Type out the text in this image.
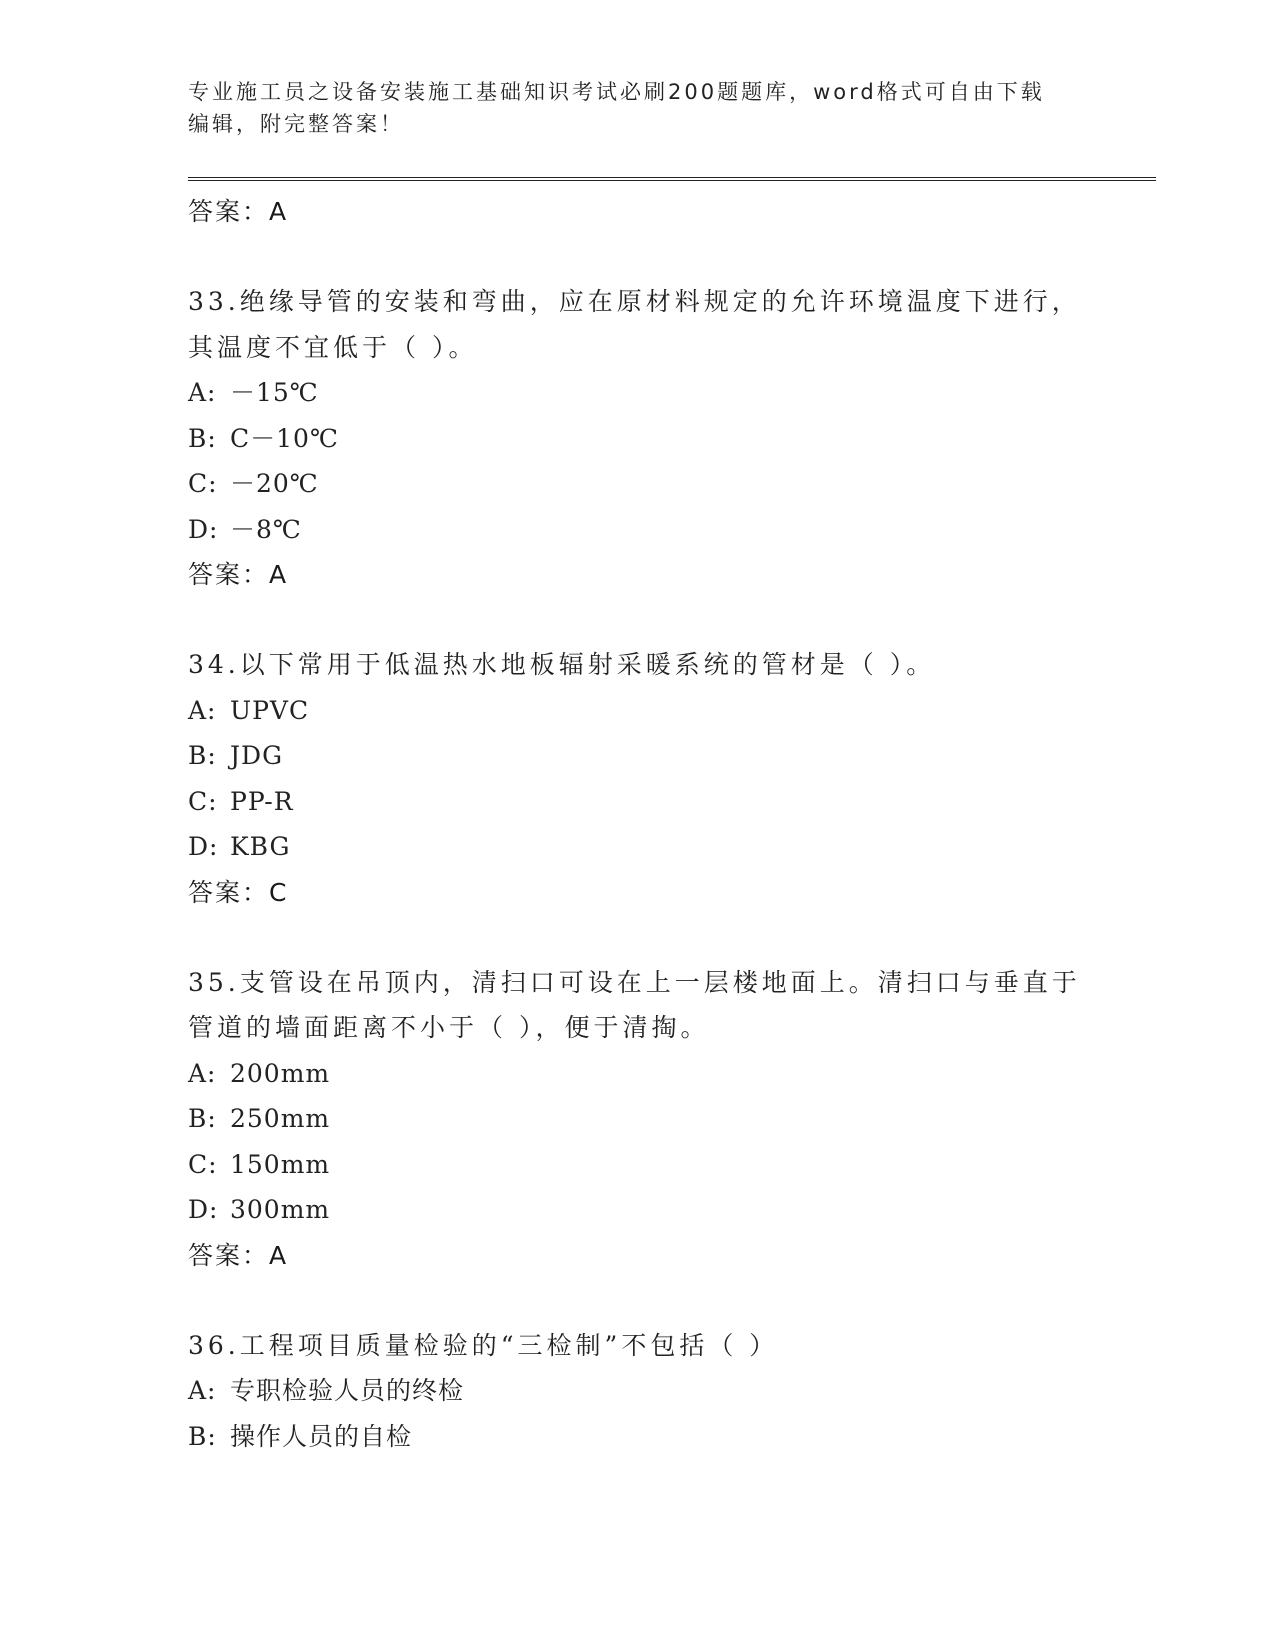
专业施工员之设备安装施工基础知识考试必刷200题题库，word格式可自由下载
编辑，附完整答案！
答案：A
33.绝缘导管的安装和弯曲，应在原材料规定的允许环境温度下进行，
其温度不宜低于（ ）。
A: －15℃
B: C－10℃
C: －20℃
D: －8℃
答案：A
34.以下常用于低温热水地板辐射采暖系统的管材是（ ）。
A: UPVC
B: JDG
C: PP-R
D: KBG
答案：C
35.支管设在吊顶内，清扫口可设在上一层楼地面上。清扫口与垂直于
管道的墙面距离不小于（ ），便于清掏。
A: 200mm
B: 250mm
C: 150mm
D: 300mm
答案：A
36.工程项目质量检验的“三检制”不包括（ ）
A: 专职检验人员的终检
B: 操作人员的自检
